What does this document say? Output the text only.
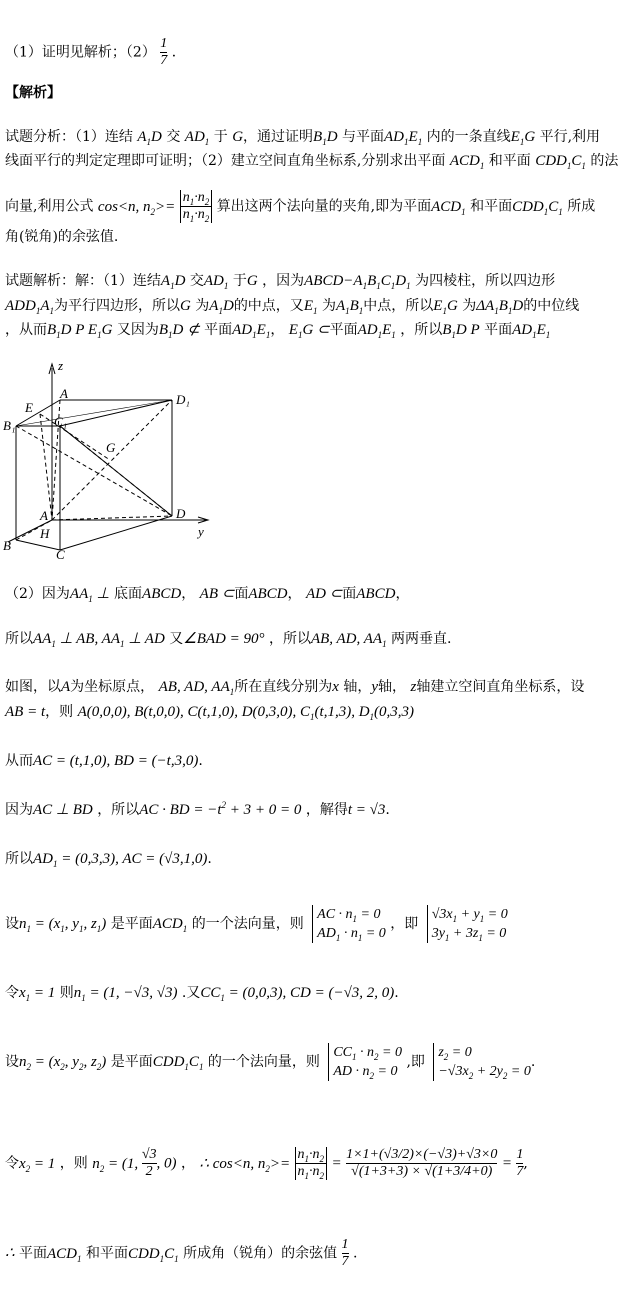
（1）证明见解析；$(2) \frac{1}{7}$ ．
【解析】
试题分析：（1）连结 $A_1D$ 交 $AD_1$ 于 G，通过证明$B_1D$ 与平面$AD_1E_1$ 内的一条直线$E_1G$ 平行,利用
线面平行的判定定理即可证明；（2）建立空间直角坐标系,分别求出平面 $ACD_1$ 和平面 $CDD_1C_1$ 的法
向量,利用公式 cos<n, $n_2>= \frac{n_1\cdot n_2}{n_1\cdot n_2}$ 算出这两个法向量的夹角,即为平面$ACD_1$ 和平面$CDD_1C_1$ 所成
角(锐角)的余弦值.
试题解析：解：（1）连结$A_1D$ 交$AD_1$ 于G ，因为$ABCD-A_1B_1C_1D_1$ 为四棱柱，所以四边形
$ADD_1A_1$为平行四边形，所以G 为$A_1D$的中点，又$E_1$ 为$A_1B_1$中点，所以$E_1G$ 为$\Delta A_1B_1D$的中位线
，从而$B_1D$ P $E_1G$ 又因为$B_1D$ ⊄ 平面$AD_1E_1$， $E_1G$ ⊂平面$AD_1E_1$ ，所以$B_1D$ P 平面$AD_1E_1$
z
A
E
B₁	C₁
D₁
G
A
H
D
y
B
C
（2）因为$AA_1$ ⊥ 底面ABCD， AB ⊂面ABCD， AD ⊂面ABCD，
所以$AA_1$ ⊥ AB, $AA_1$ ⊥ AD 又∠BAD = 90° ，所以AB, AD, $AA_1$ 两两垂直.
如图，以A为坐标原点， AB, AD, $AA_1$所在直线分别为x 轴，y轴， z轴建立空间直角坐标系，设
AB = t，则 A(0,0,0), B(t,0,0), C(t,1,0), D(0,3,0), $C_1(t,1,3)$, $D_1(0,3,3)$
从而AC = (t,1,0), BD = (−t,3,0).
因为AC ⊥ BD ，所以AC · BD = $-t^2 + 3 + 0 = 0$ ，解得t = √3.
所以$AD_1 = (0,3,3)$, AC = (√3,1,0).
设$n_1 = (x_1$, $y_1$, $z_1$) 是平面$ACD_1$ 的一个法向量，则 AC · $n_1 = 0$
$AD_1 \cdot n_1 = 0$ ，即 $√3x_1 + y_1 = 0$
$3y_1 + 3z_1 = 0$
令$x_1 = 1$ 则$n_1 = (1$, −√3, √3) .又$CC_1 = (0,0,3)$, CD = (−√3, 2, 0).
设$n_2 = (x_2$, $y_2$, $z_2$) 是平面$CDD_1C_1$ 的一个法向量，则 $CC_1 \cdot n_2 = 0$
AD · $n_2 = 0$ ,即 $z_2 = 0$
$-√3x_2 + 2y_2 = 0$.
令$x_2 = 1$ ，则 $n_2 = (1$, $\frac{√3}{2}$ , 0) ， ∴ cos<n, $n_2>= \frac{n_1\cdot n_2}{n_1\cdot n_2} = \frac{1\times 1+(√3/2)\times(-√3)+√3\times 0}{√(1+3+3) \times √(1+3/4+0)} = \frac{1}{7}$ ,
∴ 平面$ACD_1$ 和平面$CDD_1C_1$ 所成角（锐角）的余弦值 $\frac{1}{7}$ .
